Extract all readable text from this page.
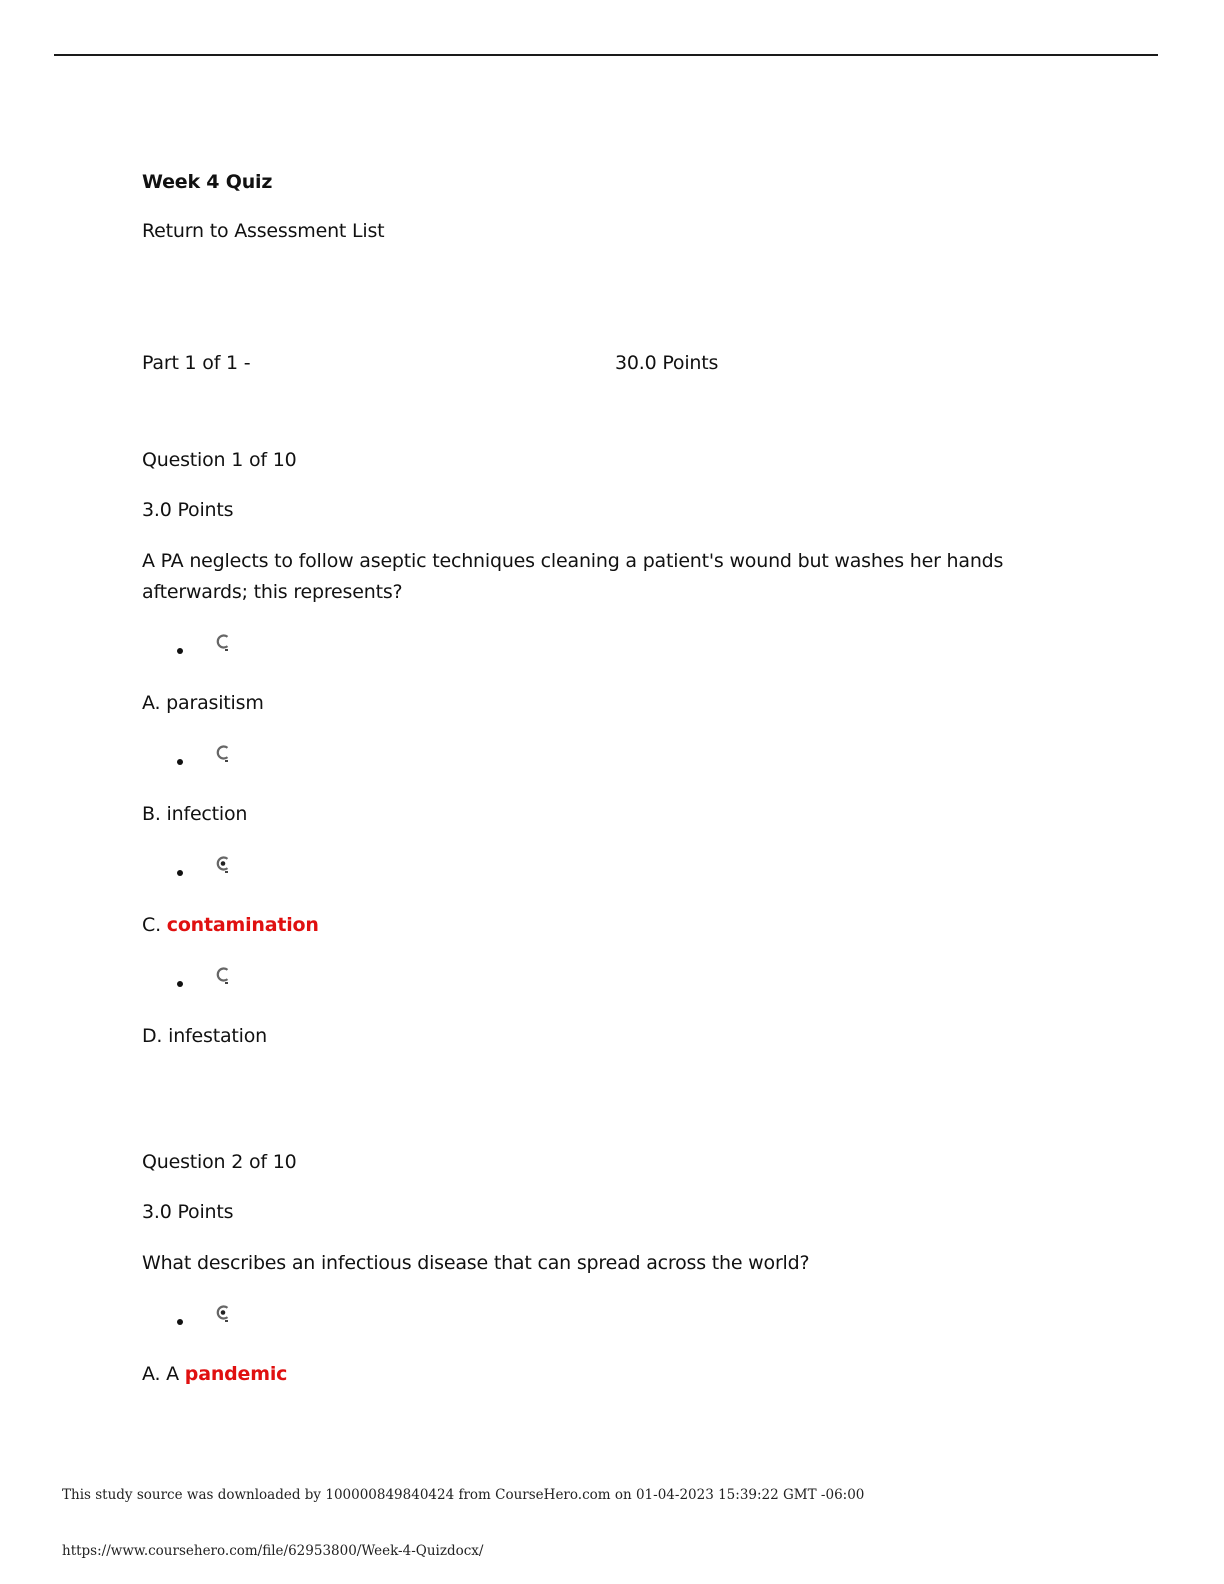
Week 4 Quiz
Return to Assessment List
Part 1 of 1 -	30.0 Points
Question 1 of 10
3.0 Points
A PA neglects to follow aseptic techniques cleaning a patient's wound but washes her hands afterwards; this represents?
A. parasitism
B. infection
C. contamination
D. infestation
Question 2 of 10
3.0 Points
What describes an infectious disease that can spread across the world?
A. A pandemic
This study source was downloaded by 100000849840424 from CourseHero.com on 01-04-2023 15:39:22 GMT -06:00
https://www.coursehero.com/file/62953800/Week-4-Quizdocx/
